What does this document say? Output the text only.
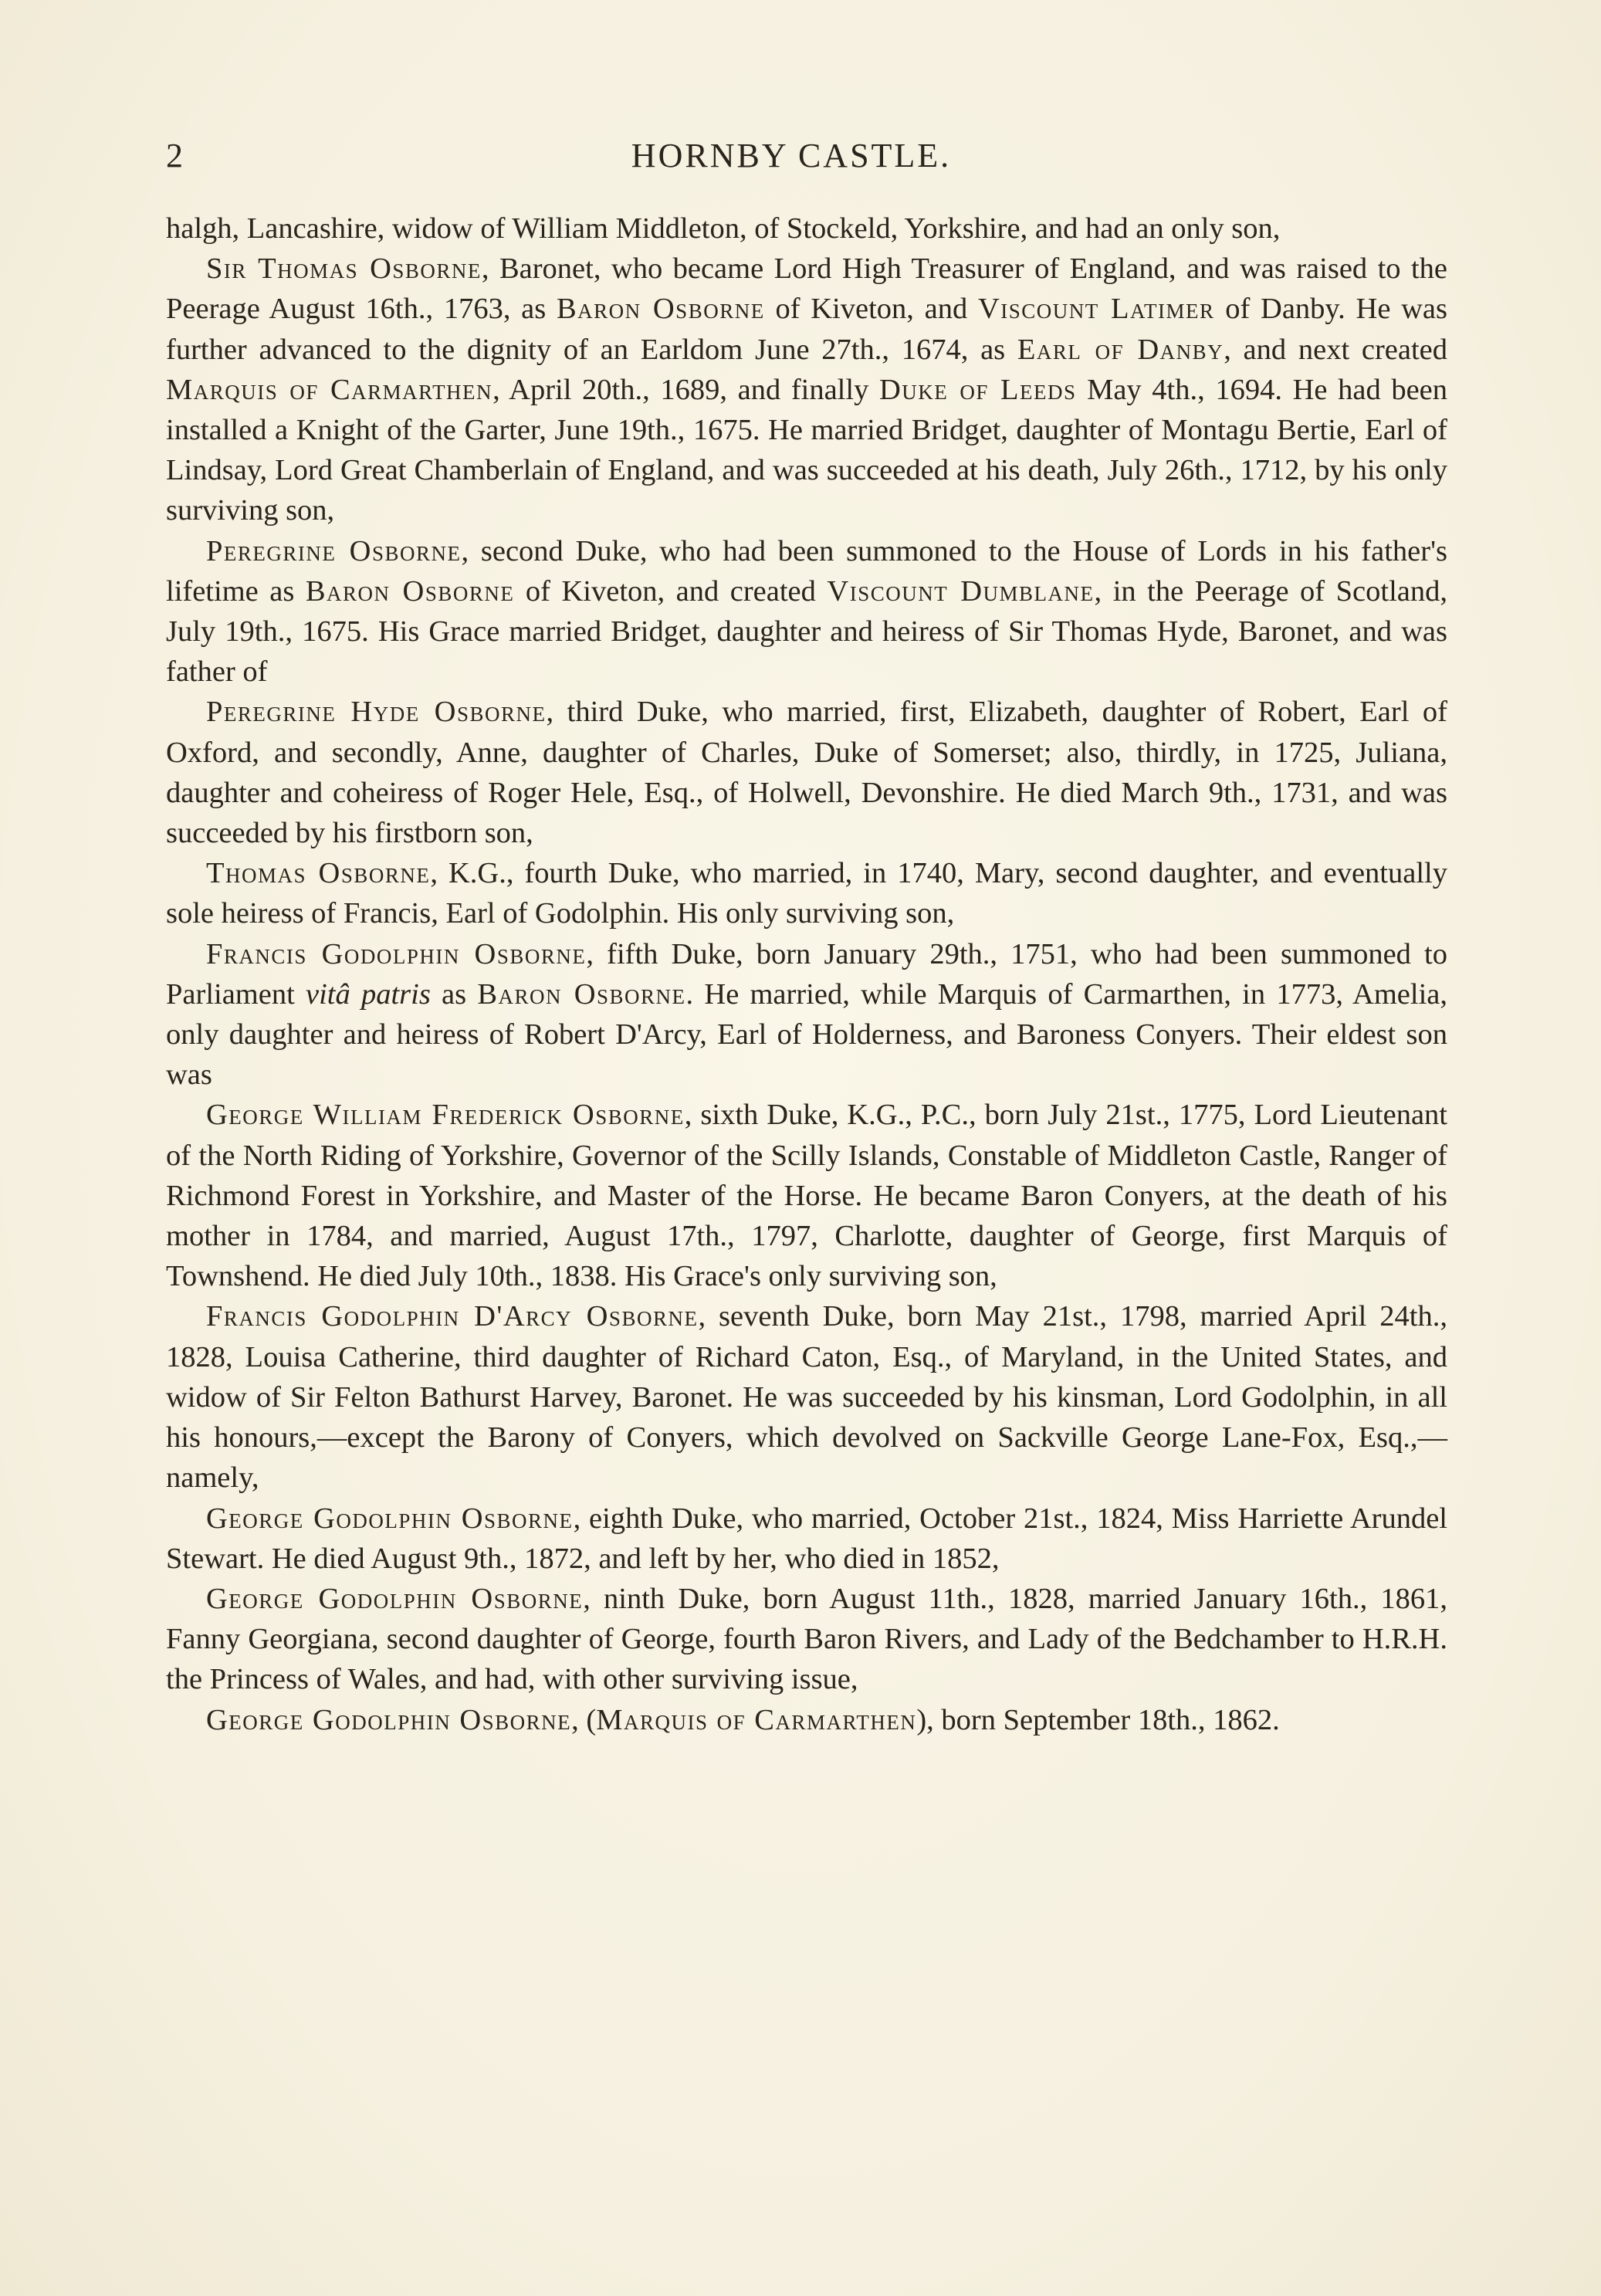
2	HORNBY CASTLE.

halgh, Lancashire, widow of William Middleton, of Stockeld, Yorkshire, and had an only son,

Sir Thomas Osborne, Baronet, who became Lord High Treasurer of England, and was raised to the Peerage August 16th., 1763, as Baron Osborne of Kiveton, and Viscount Latimer of Danby. He was further advanced to the dignity of an Earldom June 27th., 1674, as Earl of Danby, and next created Marquis of Carmarthen, April 20th., 1689, and finally Duke of Leeds May 4th., 1694. He had been installed a Knight of the Garter, June 19th., 1675. He married Bridget, daughter of Montagu Bertie, Earl of Lindsay, Lord Great Chamberlain of England, and was succeeded at his death, July 26th., 1712, by his only surviving son,

Peregrine Osborne, second Duke, who had been summoned to the House of Lords in his father's lifetime as Baron Osborne of Kiveton, and created Viscount Dumblane, in the Peerage of Scotland, July 19th., 1675. His Grace married Bridget, daughter and heiress of Sir Thomas Hyde, Baronet, and was father of

Peregrine Hyde Osborne, third Duke, who married, first, Elizabeth, daughter of Robert, Earl of Oxford, and secondly, Anne, daughter of Charles, Duke of Somerset; also, thirdly, in 1725, Juliana, daughter and coheiress of Roger Hele, Esq., of Holwell, Devonshire. He died March 9th., 1731, and was succeeded by his firstborn son,

Thomas Osborne, K.G., fourth Duke, who married, in 1740, Mary, second daughter, and eventually sole heiress of Francis, Earl of Godolphin. His only surviving son,

Francis Godolphin Osborne, fifth Duke, born January 29th., 1751, who had been summoned to Parliament vitâ patris as Baron Osborne. He married, while Marquis of Carmarthen, in 1773, Amelia, only daughter and heiress of Robert D'Arcy, Earl of Holderness, and Baroness Conyers. Their eldest son was

George William Frederick Osborne, sixth Duke, K.G., P.C., born July 21st., 1775, Lord Lieutenant of the North Riding of Yorkshire, Governor of the Scilly Islands, Constable of Middleton Castle, Ranger of Richmond Forest in Yorkshire, and Master of the Horse. He became Baron Conyers, at the death of his mother in 1784, and married, August 17th., 1797, Charlotte, daughter of George, first Marquis of Townshend. He died July 10th., 1838. His Grace's only surviving son,

Francis Godolphin D'Arcy Osborne, seventh Duke, born May 21st., 1798, married April 24th., 1828, Louisa Catherine, third daughter of Richard Caton, Esq., of Maryland, in the United States, and widow of Sir Felton Bathurst Harvey, Baronet. He was succeeded by his kinsman, Lord Godolphin, in all his honours,—except the Barony of Conyers, which devolved on Sackville George Lane-Fox, Esq.,—namely,

George Godolphin Osborne, eighth Duke, who married, October 21st., 1824, Miss Harriette Arundel Stewart. He died August 9th., 1872, and left by her, who died in 1852,

George Godolphin Osborne, ninth Duke, born August 11th., 1828, married January 16th., 1861, Fanny Georgiana, second daughter of George, fourth Baron Rivers, and Lady of the Bedchamber to H.R.H. the Princess of Wales, and had, with other surviving issue,

George Godolphin Osborne, (Marquis of Carmarthen), born September 18th., 1862.
